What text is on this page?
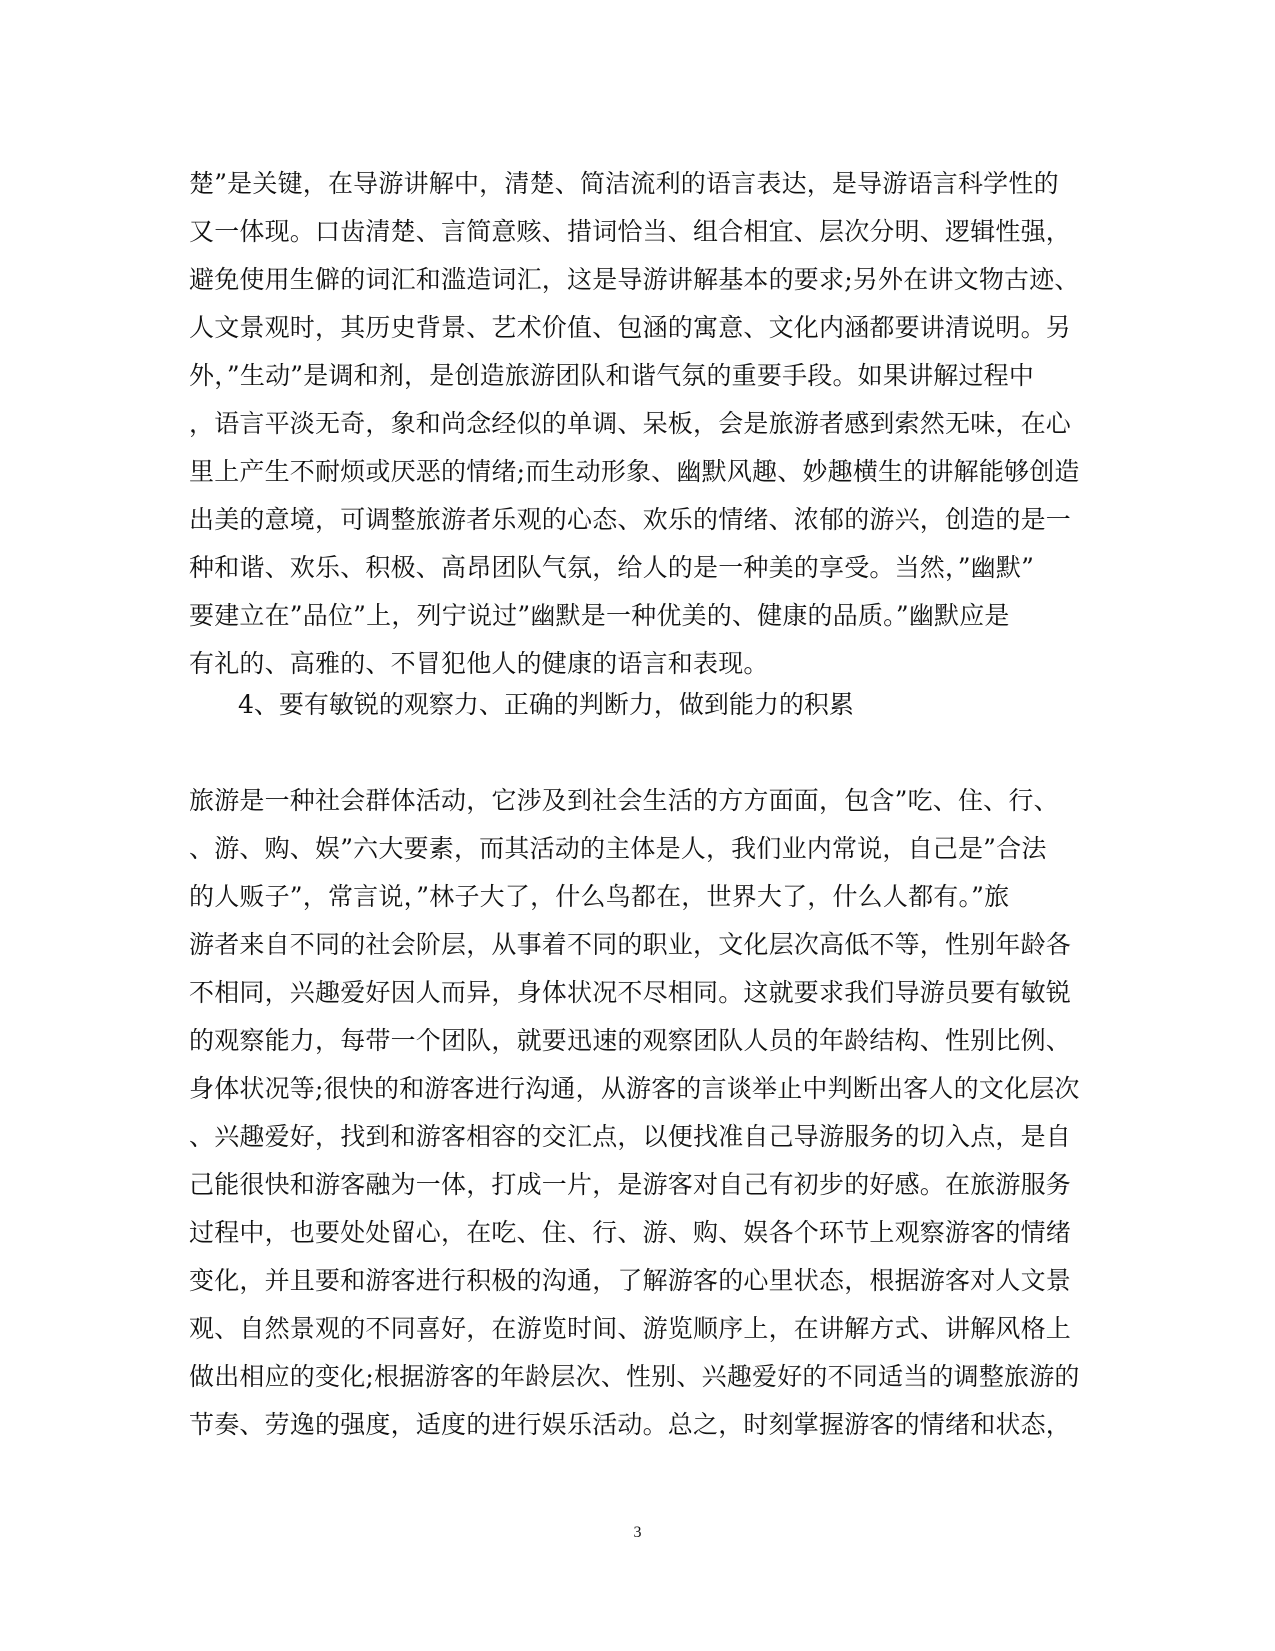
楚”是关键，在导游讲解中，清楚、简洁流利的语言表达，是导游语言科学性的
又一体现。口齿清楚、言简意赅、措词恰当、组合相宜、层次分明、逻辑性强，
避免使用生僻的词汇和滥造词汇，这是导游讲解基本的要求;另外在讲文物古迹、
人文景观时，其历史背景、艺术价值、包涵的寓意、文化内涵都要讲清说明。另
外，”生动”是调和剂，是创造旅游团队和谐气氛的重要手段。如果讲解过程中
，语言平淡无奇，象和尚念经似的单调、呆板，会是旅游者感到索然无味，在心
里上产生不耐烦或厌恶的情绪;而生动形象、幽默风趣、妙趣横生的讲解能够创造
出美的意境，可调整旅游者乐观的心态、欢乐的情绪、浓郁的游兴，创造的是一
种和谐、欢乐、积极、高昂团队气氛，给人的是一种美的享受。当然，”幽默”
要建立在”品位”上，列宁说过”幽默是一种优美的、健康的品质。”幽默应是
有礼的、高雅的、不冒犯他人的健康的语言和表现。
4、要有敏锐的观察力、正确的判断力，做到能力的积累
旅游是一种社会群体活动，它涉及到社会生活的方方面面，包含”吃、住、行、
、游、购、娱”六大要素，而其活动的主体是人，我们业内常说，自己是”合法
的人贩子”，常言说，”林子大了，什么鸟都在，世界大了，什么人都有。”旅
游者来自不同的社会阶层，从事着不同的职业，文化层次高低不等，性别年龄各
不相同，兴趣爱好因人而异，身体状况不尽相同。这就要求我们导游员要有敏锐
的观察能力，每带一个团队，就要迅速的观察团队人员的年龄结构、性别比例、
身体状况等;很快的和游客进行沟通，从游客的言谈举止中判断出客人的文化层次
、兴趣爱好，找到和游客相容的交汇点，以便找准自己导游服务的切入点，是自
己能很快和游客融为一体，打成一片，是游客对自己有初步的好感。在旅游服务
过程中，也要处处留心，在吃、住、行、游、购、娱各个环节上观察游客的情绪
变化，并且要和游客进行积极的沟通，了解游客的心里状态，根据游客对人文景
观、自然景观的不同喜好，在游览时间、游览顺序上，在讲解方式、讲解风格上
做出相应的变化;根据游客的年龄层次、性别、兴趣爱好的不同适当的调整旅游的
节奏、劳逸的强度，适度的进行娱乐活动。总之，时刻掌握游客的情绪和状态，
3
